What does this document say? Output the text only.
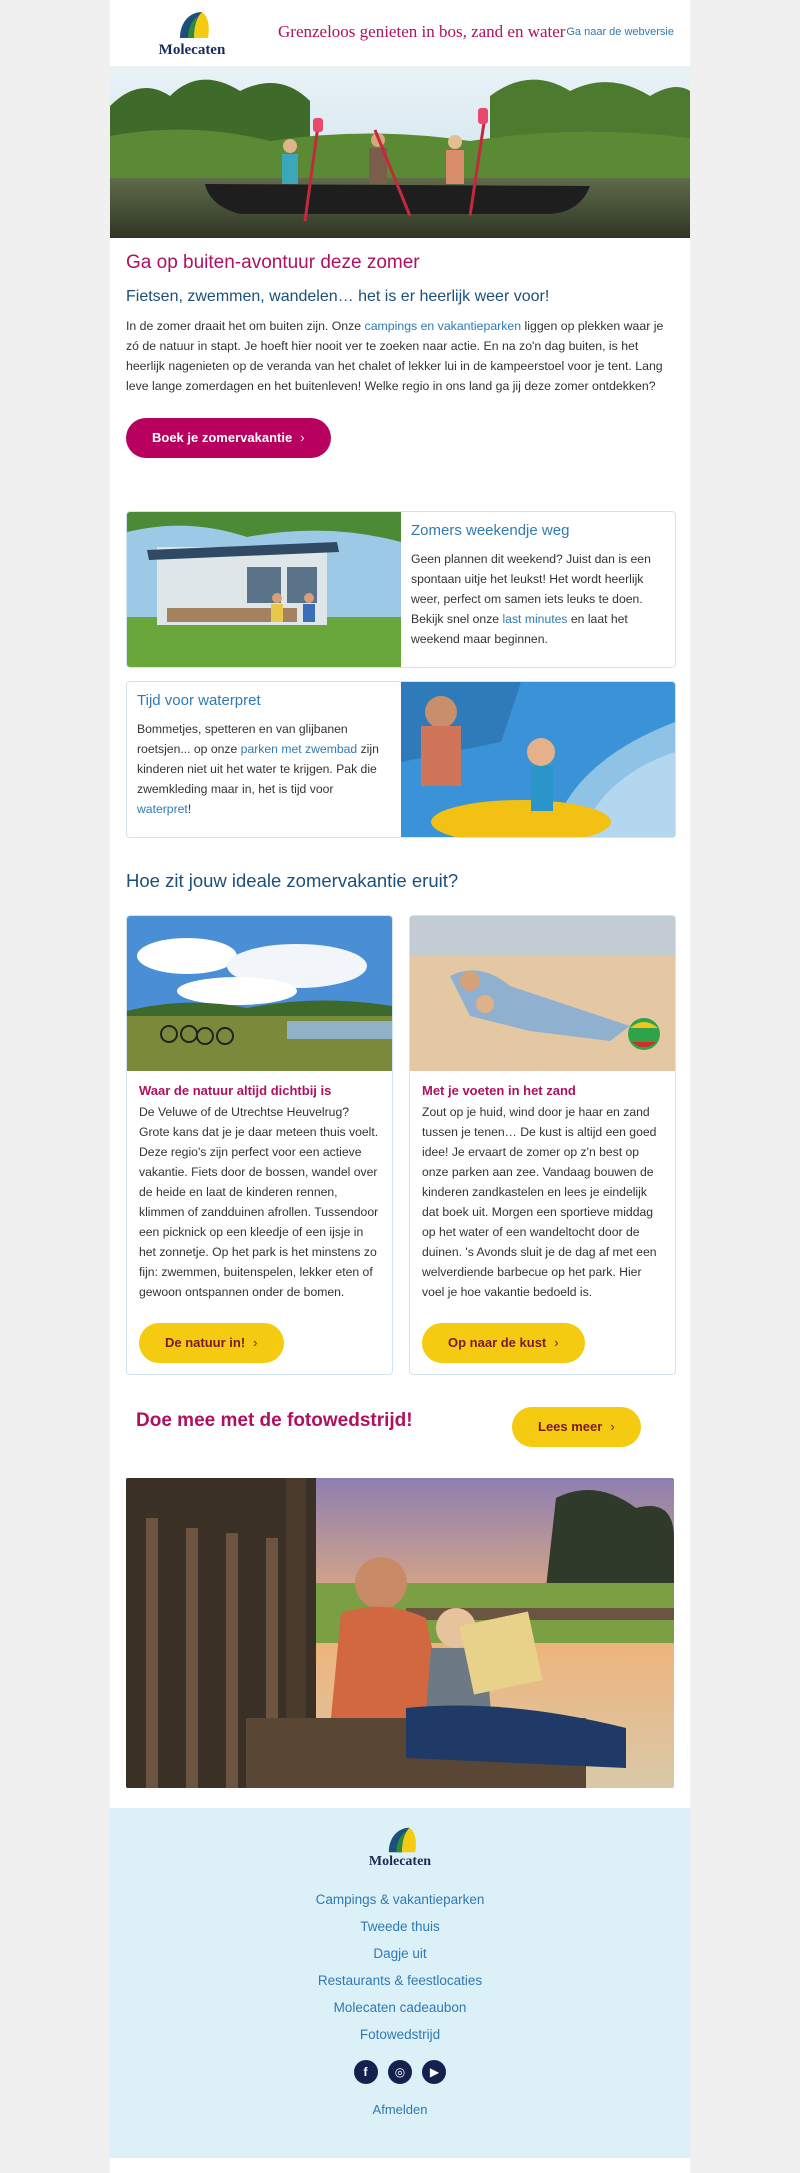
Molecaten
Grenzeloos genieten in bos, zand en water Ga naar de webversie
Ga op buiten-avontuur deze zomer
Fietsen, zwemmen, wandelen… het is er heerlijk weer voor!

In de zomer draait het om buiten zijn. Onze campings en vakantieparken liggen op plekken waar je zó de natuur in stapt. Je hoeft hier nooit ver te zoeken naar actie. En na zo'n dag buiten, is het heerlijk nagenieten op de veranda van het chalet of lekker lui in de kampeerstoel voor je tent. Lang leve lange zomerdagen en het buitenleven! Welke regio in ons land ga jij deze zomer ontdekken?

Boek je zomervakantie ›
Zomers weekendje weg

Geen plannen dit weekend? Juist dan is een spontaan uitje het leukst! Het wordt heerlijk weer, perfect om samen iets leuks te doen. Bekijk snel onze last minutes en laat het weekend maar beginnen.

Tijd voor waterpret

Bommetjes, spetteren en van glijbanen roetsjen... op onze parken met zwembad zijn kinderen niet uit het water te krijgen. Pak die zwemkleding maar in, het is tijd voor waterpret!

Hoe zit jouw ideale zomervakantie eruit?
Waar de natuur altijd dichtbij is

De Veluwe of de Utrechtse Heuvelrug? Grote kans dat je je daar meteen thuis voelt. Deze regio's zijn perfect voor een actieve vakantie. Fiets door de bossen, wandel over de heide en laat de kinderen rennen, klimmen of zandduinen afrollen. Tussendoor een picknick op een kleedje of een ijsje in het zonnetje. Op het park is het minstens zo fijn: zwemmen, buitenspelen, lekker eten of gewoon ontspannen onder de bomen.

De natuur in! ›
Met je voeten in het zand

Zout op je huid, wind door je haar en zand tussen je tenen… De kust is altijd een goed idee! Je ervaart de zomer op z'n best op onze parken aan zee. Vandaag bouwen de kinderen zandkastelen en lees je eindelijk dat boek uit. Morgen een sportieve middag op het water of een wandeltocht door de duinen. 's Avonds sluit je de dag af met een welverdiende barbecue op het park. Hier voel je hoe vakantie bedoeld is.

Op naar de kust ›
Doe mee met de fotowedstrijd!	Lees meer ›
Molecaten
Campings & vakantieparken
Tweede thuis
Dagje uit
Restaurants & feestlocaties
Molecaten cadeaubon
Fotowedstrijd
f ◎ ▶
Afmelden
